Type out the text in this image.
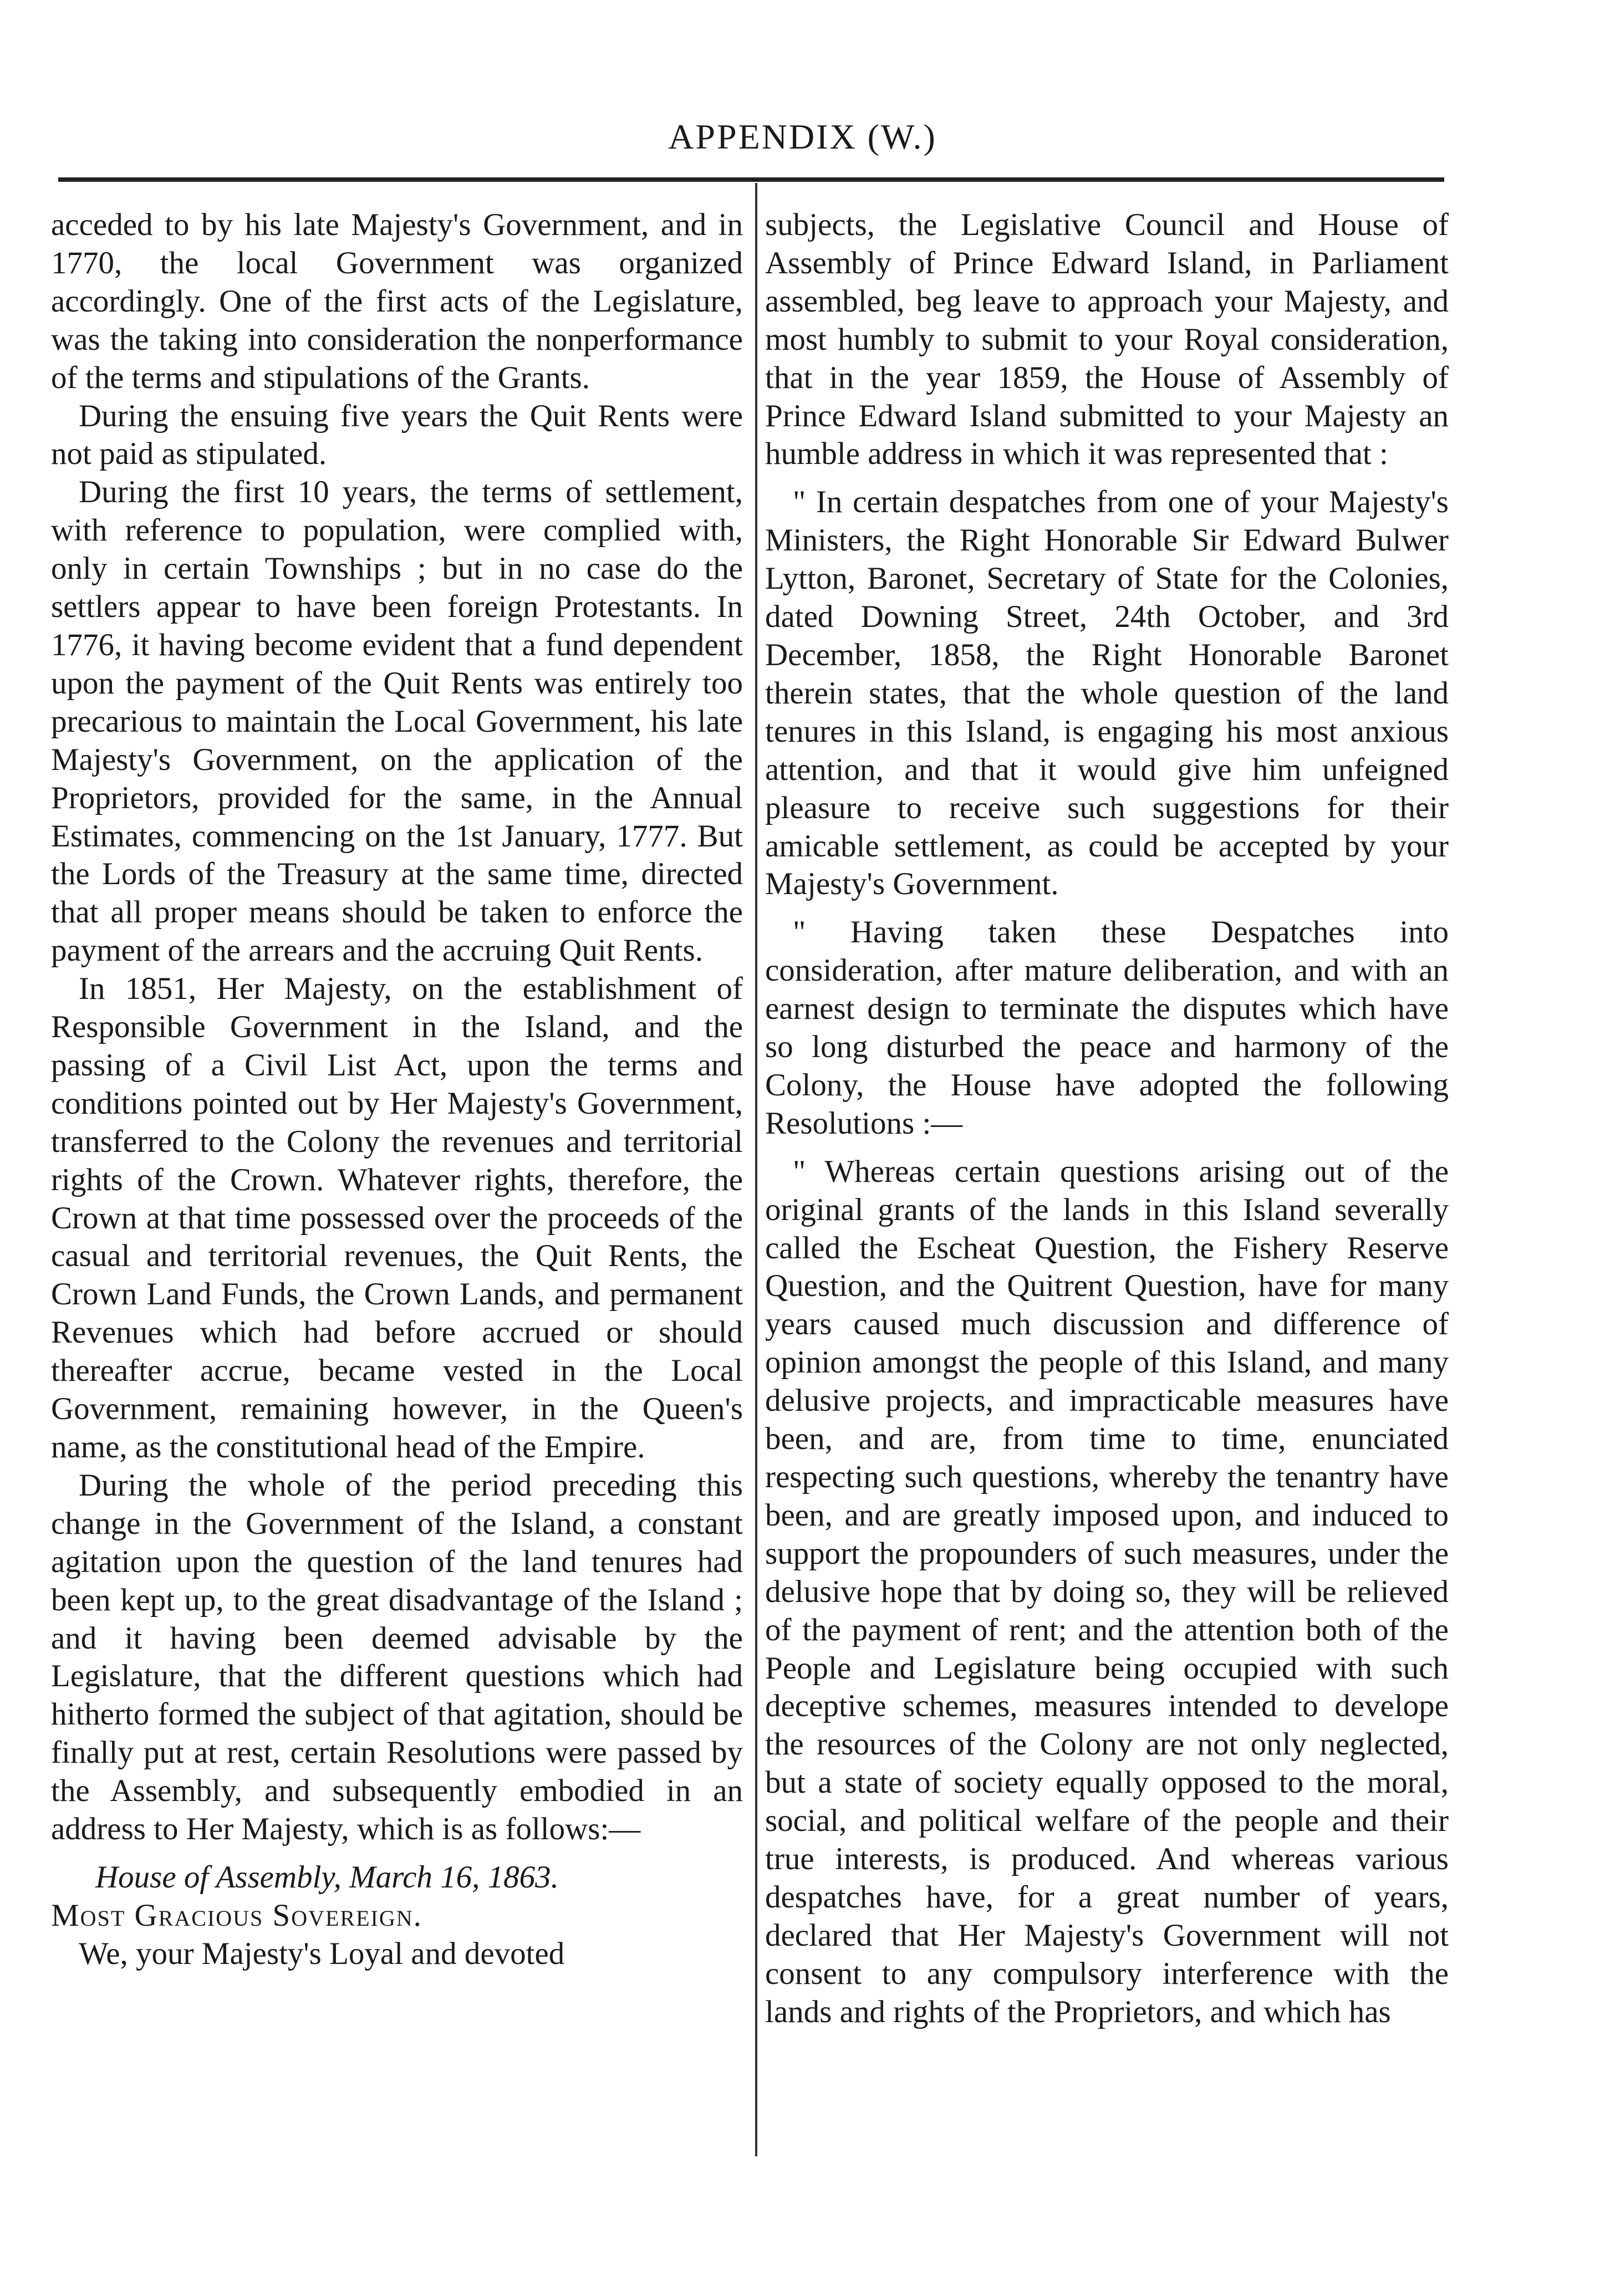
APPENDIX (W.)

acceded to by his late Majesty's Government, and in 1770, the local Government was organized accordingly. One of the first acts of the Legislature, was the taking into consideration the nonperformance of the terms and stipulations of the Grants.

During the ensuing five years the Quit Rents were not paid as stipulated.

During the first 10 years, the terms of settlement, with reference to population, were complied with, only in certain Townships ; but in no case do the settlers appear to have been foreign Protestants. In 1776, it having become evident that a fund dependent upon the payment of the Quit Rents was entirely too precarious to maintain the Local Government, his late Majesty's Government, on the application of the Proprietors, provided for the same, in the Annual Estimates, commencing on the 1st January, 1777. But the Lords of the Treasury at the same time, directed that all proper means should be taken to enforce the payment of the arrears and the accruing Quit Rents.

In 1851, Her Majesty, on the establishment of Responsible Government in the Island, and the passing of a Civil List Act, upon the terms and conditions pointed out by Her Majesty's Government, transferred to the Colony the revenues and territorial rights of the Crown. Whatever rights, therefore, the Crown at that time possessed over the proceeds of the casual and territorial revenues, the Quit Rents, the Crown Land Funds, the Crown Lands, and permanent Revenues which had before accrued or should thereafter accrue, became vested in the Local Government, remaining however, in the Queen's name, as the constitutional head of the Empire.

During the whole of the period preceding this change in the Government of the Island, a constant agitation upon the question of the land tenures had been kept up, to the great disadvantage of the Island ; and it having been deemed advisable by the Legislature, that the different questions which had hitherto formed the subject of that agitation, should be finally put at rest, certain Resolutions were passed by the Assembly, and subsequently embodied in an address to Her Majesty, which is as follows:—

House of Assembly, March 16, 1863.

Most Gracious Sovereign.

We, your Majesty's Loyal and devoted

subjects, the Legislative Council and House of Assembly of Prince Edward Island, in Parliament assembled, beg leave to approach your Majesty, and most humbly to submit to your Royal consideration, that in the year 1859, the House of Assembly of Prince Edward Island submitted to your Majesty an humble address in which it was represented that :

" In certain despatches from one of your Majesty's Ministers, the Right Honorable Sir Edward Bulwer Lytton, Baronet, Secretary of State for the Colonies, dated Downing Street, 24th October, and 3rd December, 1858, the Right Honorable Baronet therein states, that the whole question of the land tenures in this Island, is engaging his most anxious attention, and that it would give him unfeigned pleasure to receive such suggestions for their amicable settlement, as could be accepted by your Majesty's Government.

" Having taken these Despatches into consideration, after mature deliberation, and with an earnest design to terminate the disputes which have so long disturbed the peace and harmony of the Colony, the House have adopted the following Resolutions :—

" Whereas certain questions arising out of the original grants of the lands in this Island severally called the Escheat Question, the Fishery Reserve Question, and the Quitrent Question, have for many years caused much discussion and difference of opinion amongst the people of this Island, and many delusive projects, and impracticable measures have been, and are, from time to time, enunciated respecting such questions, whereby the tenantry have been, and are greatly imposed upon, and induced to support the propounders of such measures, under the delusive hope that by doing so, they will be relieved of the payment of rent; and the attention both of the People and Legislature being occupied with such deceptive schemes, measures intended to develope the resources of the Colony are not only neglected, but a state of society equally opposed to the moral, social, and political welfare of the people and their true interests, is produced. And whereas various despatches have, for a great number of years, declared that Her Majesty's Government will not consent to any compulsory interference with the lands and rights of the Proprietors, and which has
